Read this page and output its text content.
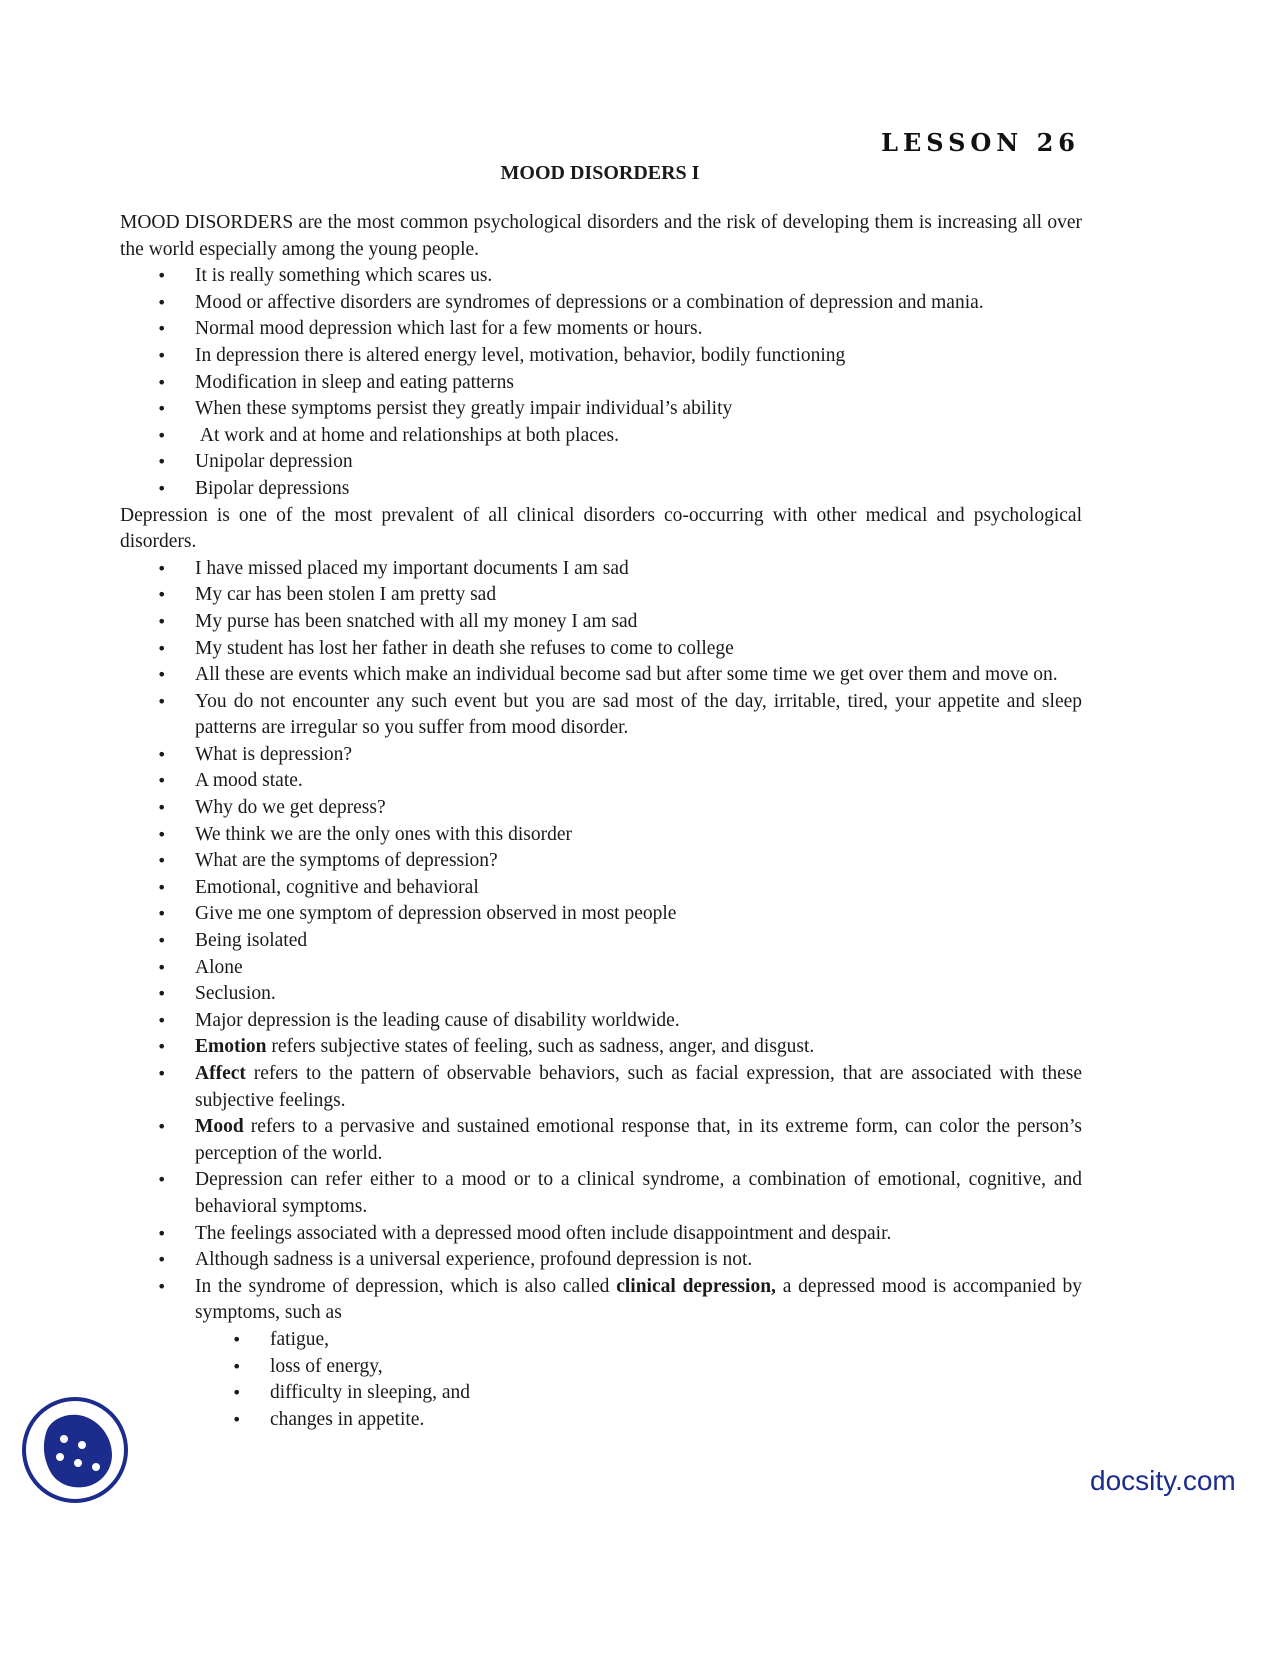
LESSON 26
MOOD DISORDERS I

MOOD DISORDERS are the most common psychological disorders and the risk of developing them is increasing all over the world especially among the young people.

• It is really something which scares us.
• Mood or affective disorders are syndromes of depressions or a combination of depression and mania.
• Normal mood depression which last for a few moments or hours.
• In depression there is altered energy level, motivation, behavior, bodily functioning
• Modification in sleep and eating patterns
• When these symptoms persist they greatly impair individual’s ability
•  At work and at home and relationships at both places.
• Unipolar depression
• Bipolar depressions

Depression is one of the most prevalent of all clinical disorders co-occurring with other medical and psychological disorders.

• I have missed placed my important documents I am sad
• My car has been stolen I am pretty sad
• My purse has been snatched with all my money I am sad
• My student has lost her father in death she refuses to come to college
• All these are events which make an individual become sad but after some time we get over them and move on.
• You do not encounter any such event but you are sad most of the day, irritable, tired, your appetite and sleep patterns are irregular so you suffer from mood disorder.
• What is depression?
• A mood state.
• Why do we get depress?
• We think we are the only ones with this disorder
• What are the symptoms of depression?
• Emotional, cognitive and behavioral
• Give me one symptom of depression observed in most people
• Being isolated
• Alone
• Seclusion.
• Major depression is the leading cause of disability worldwide.
• Emotion refers subjective states of feeling, such as sadness, anger, and disgust.
• Affect refers to the pattern of observable behaviors, such as facial expression, that are associated with these subjective feelings.
• Mood refers to a pervasive and sustained emotional response that, in its extreme form, can color the person’s perception of the world.
• Depression can refer either to a mood or to a clinical syndrome, a combination of emotional, cognitive, and behavioral symptoms.
• The feelings associated with a depressed mood often include disappointment and despair.
• Although sadness is a universal experience, profound depression is not.
• In the syndrome of depression, which is also called clinical depression, a depressed mood is accompanied by symptoms, such as
• fatigue,
• loss of energy,
• difficulty in sleeping, and
• changes in appetite.
docsity.com
